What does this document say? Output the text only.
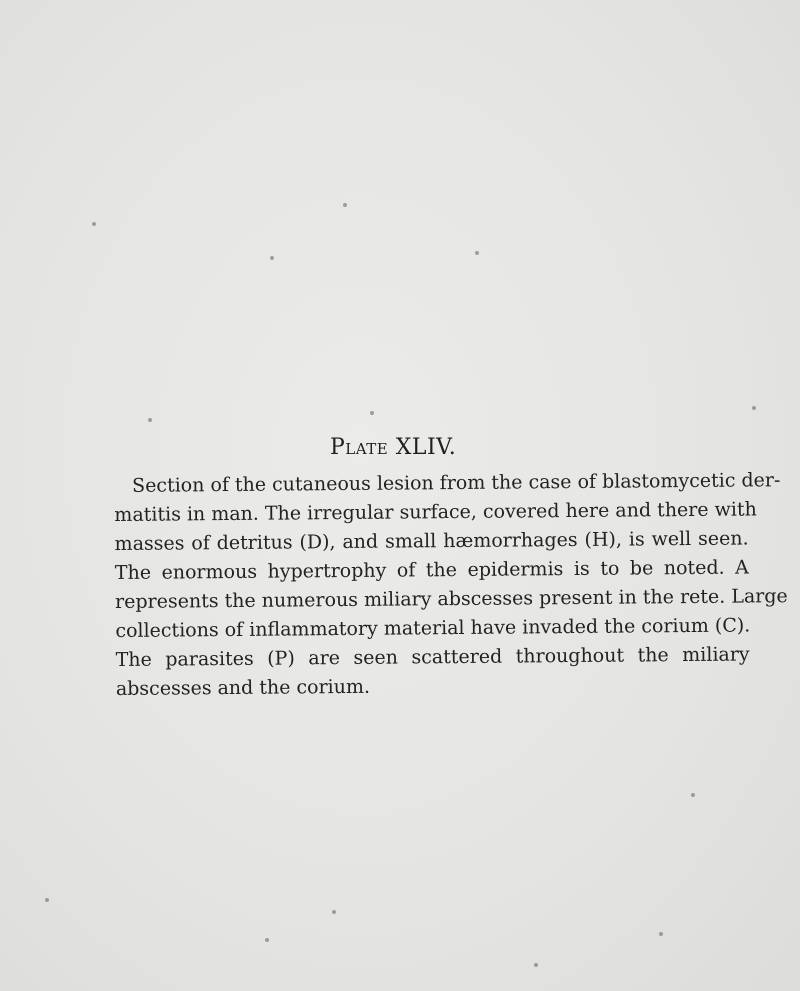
Plate XLIV.
Section of the cutaneous lesion from the case of blastomycetic der-
matitis in man. The irregular surface, covered here and there with
masses of detritus (D), and small hæmorrhages (H), is well seen.
The enormous hypertrophy of the epidermis is to be noted. A
represents the numerous miliary abscesses present in the rete. Large
collections of inflammatory material have invaded the corium (C).
The parasites (P) are seen scattered throughout the miliary
abscesses and the corium.
